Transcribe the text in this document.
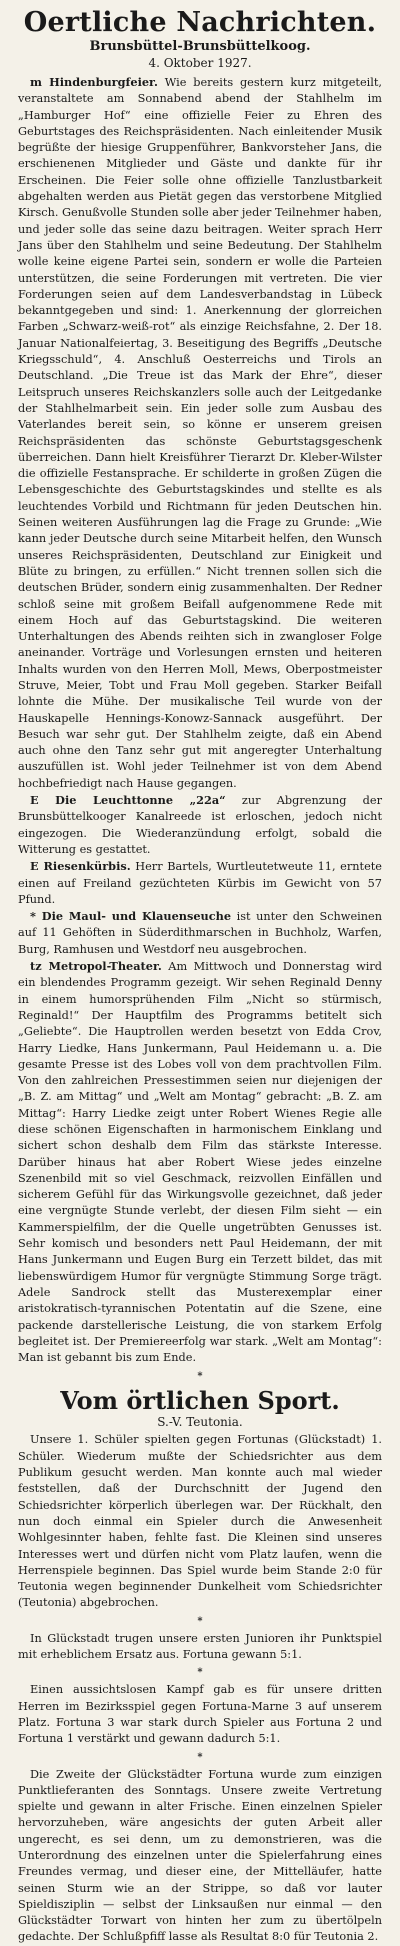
Oertliche Nachrichten.
Brunsbüttel-Brunsbüttelkoog.
4. Oktober 1927.

m Hindenburgfeier. Wie bereits gestern kurz mitgeteilt, veranstaltete am Sonnabend abend der Stahlhelm im „Hamburger Hof“ eine offizielle Feier zu Ehren des Geburtstages des Reichspräsidenten. Nach einleitender Musik begrüßte der hiesige Gruppenführer, Bankvorsteher Jans, die erschienenen Mitglieder und Gäste und dankte für ihr Erscheinen. Die Feier solle ohne offizielle Tanzlustbarkeit abgehalten werden aus Pietät gegen das verstorbene Mitglied Kirsch. Genußvolle Stunden solle aber jeder Teilnehmer haben, und jeder solle das seine dazu beitragen. Weiter sprach Herr Jans über den Stahlhelm und seine Bedeutung. Der Stahlhelm wolle keine eigene Partei sein, sondern er wolle die Parteien unterstützen, die seine Forderungen mit vertreten. Die vier Forderungen seien auf dem Landesverbandstag in Lübeck bekanntgegeben und sind: 1. Anerkennung der glorreichen Farben „Schwarz-weiß-rot“ als einzige Reichsfahne, 2. Der 18. Januar Nationalfeiertag, 3. Beseitigung des Begriffs „Deutsche Kriegsschuld“, 4. Anschluß Oesterreichs und Tirols an Deutschland. „Die Treue ist das Mark der Ehre“, dieser Leitspruch unseres Reichskanzlers solle auch der Leitgedanke der Stahlhelmarbeit sein. Ein jeder solle zum Ausbau des Vaterlandes bereit sein, so könne er unserem greisen Reichspräsidenten das schönste Geburtstagsgeschenk überreichen. Dann hielt Kreisführer Tierarzt Dr. Kleber-Wilster die offizielle Festansprache. Er schilderte in großen Zügen die Lebensgeschichte des Geburtstagskindes und stellte es als leuchtendes Vorbild und Richtmann für jeden Deutschen hin. Seinen weiteren Ausführungen lag die Frage zu Grunde: „Wie kann jeder Deutsche durch seine Mitarbeit helfen, den Wunsch unseres Reichspräsidenten, Deutschland zur Einigkeit und Blüte zu bringen, zu erfüllen.“ Nicht trennen sollen sich die deutschen Brüder, sondern einig zusammenhalten. Der Redner schloß seine mit großem Beifall aufgenommene Rede mit einem Hoch auf das Geburtstagskind. Die weiteren Unterhaltungen des Abends reihten sich in zwangloser Folge aneinander. Vorträge und Vorlesungen ernsten und heiteren Inhalts wurden von den Herren Moll, Mews, Oberpostmeister Struve, Meier, Tobt und Frau Moll gegeben. Starker Beifall lohnte die Mühe. Der musikalische Teil wurde von der Hauskapelle Hennings-Konowz-Sannack ausgeführt. Der Besuch war sehr gut. Der Stahlhelm zeigte, daß ein Abend auch ohne den Tanz sehr gut mit angeregter Unterhaltung auszufüllen ist. Wohl jeder Teilnehmer ist von dem Abend hochbefriedigt nach Hause gegangen.

E Die Leuchttonne „22a“ zur Abgrenzung der Brunsbüttelkooger Kanalreede ist erloschen, jedoch nicht eingezogen. Die Wiederanzündung erfolgt, sobald die Witterung es gestattet.

E Riesenkürbis. Herr Bartels, Wurtleutetweute 11, erntete einen auf Freiland gezüchteten Kürbis im Gewicht von 57 Pfund.

* Die Maul- und Klauenseuche ist unter den Schweinen auf 11 Gehöften in Süderdithmarschen in Buchholz, Warfen, Burg, Ramhusen und Westdorf neu ausgebrochen.

tz Metropol-Theater. Am Mittwoch und Donnerstag wird ein blendendes Programm gezeigt. Wir sehen Reginald Denny in einem humorsprühenden Film „Nicht so stürmisch, Reginald!“ Der Hauptfilm des Programms betitelt sich „Geliebte“. Die Hauptrollen werden besetzt von Edda Crov, Harry Liedke, Hans Junkermann, Paul Heidemann u. a. Die gesamte Presse ist des Lobes voll von dem prachtvollen Film. Von den zahlreichen Pressestimmen seien nur diejenigen der „B. Z. am Mittag“ und „Welt am Montag“ gebracht: „B. Z. am Mittag“: Harry Liedke zeigt unter Robert Wienes Regie alle diese schönen Eigenschaften in harmonischem Einklang und sichert schon deshalb dem Film das stärkste Interesse. Darüber hinaus hat aber Robert Wiese jedes einzelne Szenenbild mit so viel Geschmack, reizvollen Einfällen und sicherem Gefühl für das Wirkungsvolle gezeichnet, daß jeder eine vergnügte Stunde verlebt, der diesen Film sieht — ein Kammerspielfilm, der die Quelle ungetrübten Genusses ist. Sehr komisch und besonders nett Paul Heidemann, der mit Hans Junkermann und Eugen Burg ein Terzett bildet, das mit liebenswürdigem Humor für vergnügte Stimmung Sorge trägt. Adele Sandrock stellt das Musterexemplar einer aristokratisch-tyrannischen Potentatin auf die Szene, eine packende darstellerische Leistung, die von starkem Erfolg begleitet ist. Der Premiereerfolg war stark. „Welt am Montag“: Man ist gebannt bis zum Ende.

*
Vom örtlichen Sport.
S.-V. Teutonia.

Unsere 1. Schüler spielten gegen Fortunas (Glückstadt) 1. Schüler. Wiederum mußte der Schiedsrichter aus dem Publikum gesucht werden. Man konnte auch mal wieder feststellen, daß der Durchschnitt der Jugend den Schiedsrichter körperlich überlegen war. Der Rückhalt, den nun doch einmal ein Spieler durch die Anwesenheit Wohlgesinnter haben, fehlte fast. Die Kleinen sind unseres Interesses wert und dürfen nicht vom Platz laufen, wenn die Herrenspiele beginnen. Das Spiel wurde beim Stande 2:0 für Teutonia wegen beginnender Dunkelheit vom Schiedsrichter (Teutonia) abgebrochen.

*

In Glückstadt trugen unsere ersten Junioren ihr Punktspiel mit erheblichem Ersatz aus. Fortuna gewann 5:1.

*

Einen aussichtslosen Kampf gab es für unsere dritten Herren im Bezirksspiel gegen Fortuna-Marne 3 auf unserem Platz. Fortuna 3 war stark durch Spieler aus Fortuna 2 und Fortuna 1 verstärkt und gewann dadurch 5:1.

*

Die Zweite der Glückstädter Fortuna wurde zum einzigen Punktlieferanten des Sonntags. Unsere zweite Vertretung spielte und gewann in alter Frische. Einen einzelnen Spieler hervorzuheben, wäre angesichts der guten Arbeit aller ungerecht, es sei denn, um zu demonstrieren, was die Unterordnung des einzelnen unter die Spielerfahrung eines Freundes vermag, und dieser eine, der Mittelläufer, hatte seinen Sturm wie an der Strippe, so daß vor lauter Spieldisziplin — selbst der Linksaußen nur einmal — den Glückstädter Torwart von hinten her zum zu übertölpeln gedachte. Der Schlußpfiff lasse als Resultat 8:0 für Teutonia 2.
